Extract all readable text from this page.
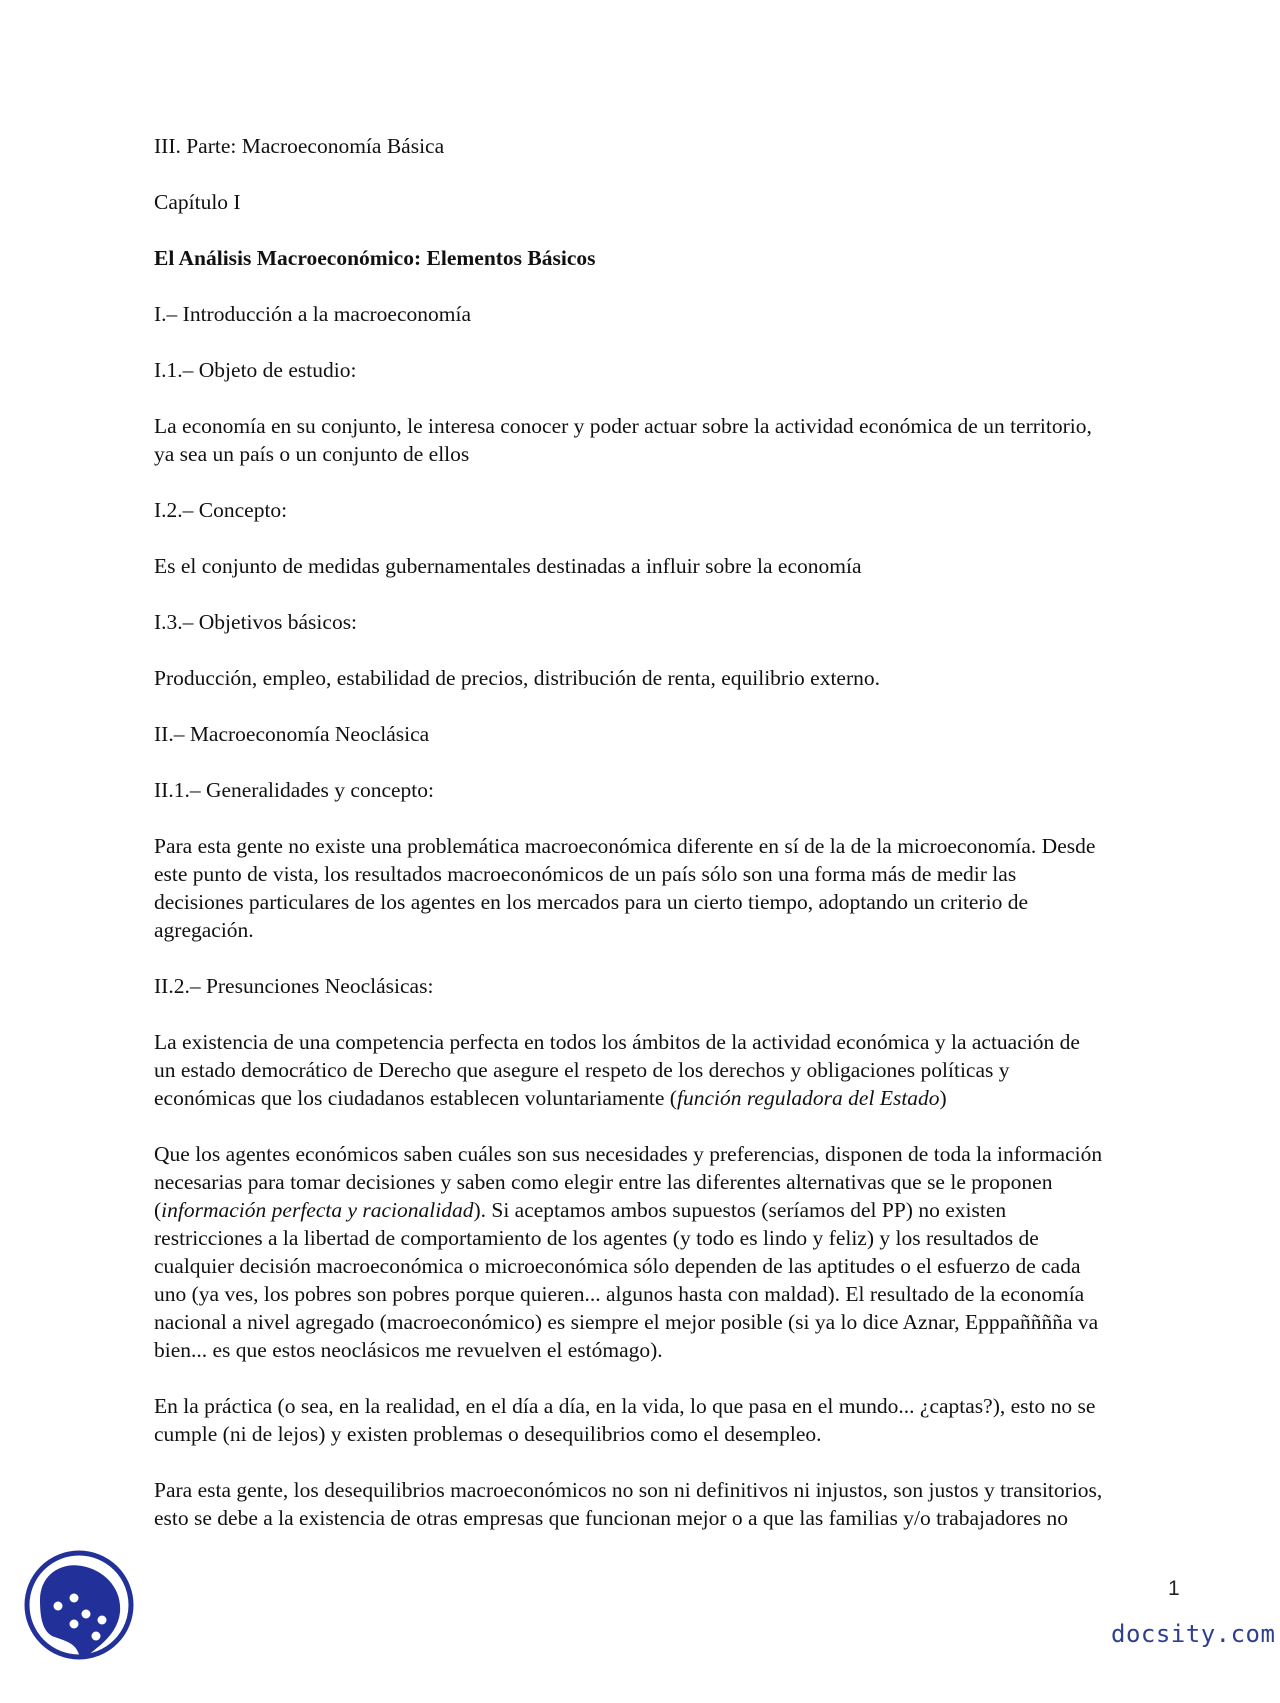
III. Parte: Macroeconomía Básica
Capítulo I
El Análisis Macroeconómico: Elementos Básicos
I.– Introducción a la macroeconomía
I.1.– Objeto de estudio:
La economía en su conjunto, le interesa conocer y poder actuar sobre la actividad económica de un territorio,
ya sea un país o un conjunto de ellos
I.2.– Concepto:
Es el conjunto de medidas gubernamentales destinadas a influir sobre la economía
I.3.– Objetivos básicos:
Producción, empleo, estabilidad de precios, distribución de renta, equilibrio externo.
II.– Macroeconomía Neoclásica
II.1.– Generalidades y concepto:
Para esta gente no existe una problemática macroeconómica diferente en sí de la de la microeconomía. Desde
este punto de vista, los resultados macroeconómicos de un país sólo son una forma más de medir las
decisiones particulares de los agentes en los mercados para un cierto tiempo, adoptando un criterio de
agregación.
II.2.– Presunciones Neoclásicas:
La existencia de una competencia perfecta en todos los ámbitos de la actividad económica y la actuación de
un estado democrático de Derecho que asegure el respeto de los derechos y obligaciones políticas y
económicas que los ciudadanos establecen voluntariamente (función reguladora del Estado)
Que los agentes económicos saben cuáles son sus necesidades y preferencias, disponen de toda la información
necesarias para tomar decisiones y saben como elegir entre las diferentes alternativas que se le proponen
(información perfecta y racionalidad). Si aceptamos ambos supuestos (seríamos del PP) no existen
restricciones a la libertad de comportamiento de los agentes (y todo es lindo y feliz) y los resultados de
cualquier decisión macroeconómica o microeconómica sólo dependen de las aptitudes o el esfuerzo de cada
uno (ya ves, los pobres son pobres porque quieren... algunos hasta con maldad). El resultado de la economía
nacional a nivel agregado (macroeconómico) es siempre el mejor posible (si ya lo dice Aznar, Epppañññña va
bien... es que estos neoclásicos me revuelven el estómago).
En la práctica (o sea, en la realidad, en el día a día, en la vida, lo que pasa en el mundo... ¿captas?), esto no se
cumple (ni de lejos) y existen problemas o desequilibrios como el desempleo.
Para esta gente, los desequilibrios macroeconómicos no son ni definitivos ni injustos, son justos y transitorios,
esto se debe a la existencia de otras empresas que funcionan mejor o a que las familias y/o trabajadores no
1
docsity.com
